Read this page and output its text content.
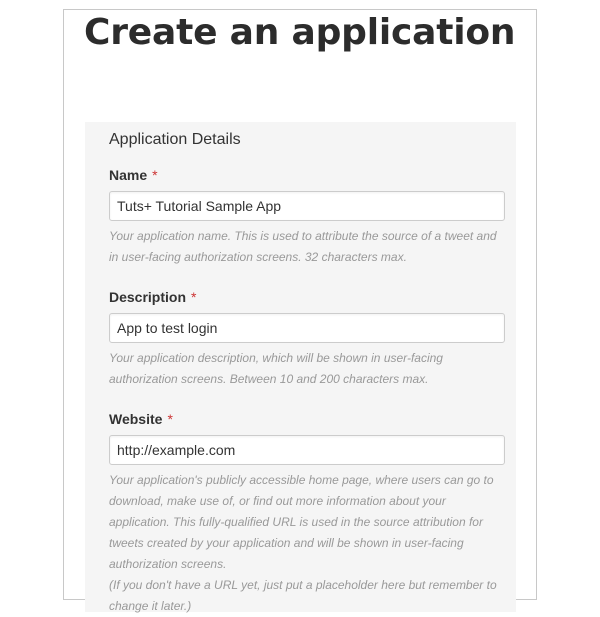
Create an application
Application Details
Name *
Tuts+ Tutorial Sample App

Your application name. This is used to attribute the source of a tweet and in user-facing authorization screens. 32 characters max.

Description *
App to test login

Your application description, which will be shown in user-facing authorization screens. Between 10 and 200 characters max.

Website *
http://example.com

Your application's publicly accessible home page, where users can go to download, make use of, or find out more information about your application. This fully-qualified URL is used in the source attribution for tweets created by your application and will be shown in user-facing authorization screens.
(If you don't have a URL yet, just put a placeholder here but remember to change it later.)
